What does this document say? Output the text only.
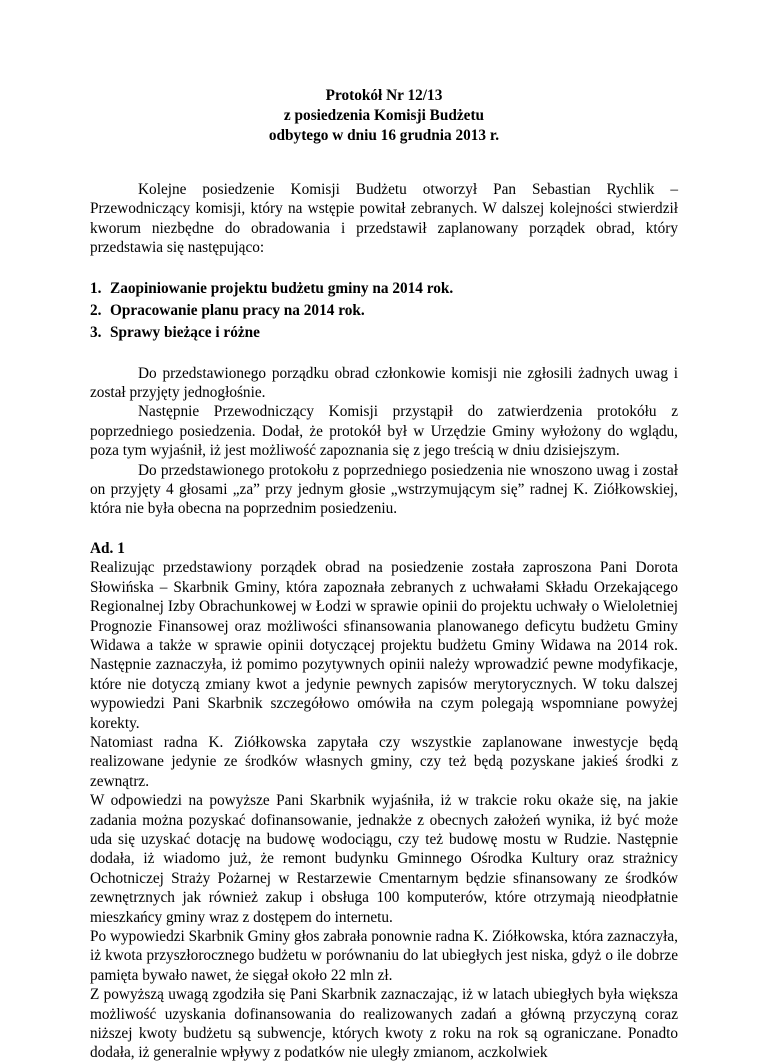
Protokół Nr 12/13
z posiedzenia Komisji Budżetu
odbytego w dniu 16 grudnia 2013 r.

Kolejne posiedzenie Komisji Budżetu otworzył Pan Sebastian Rychlik – Przewodniczący komisji, który na wstępie powitał zebranych. W dalszej kolejności stwierdził kworum niezbędne do obradowania i przedstawił zaplanowany porządek obrad, który przedstawia się następująco:

1. Zaopiniowanie projektu budżetu gminy na 2014 rok.
2. Opracowanie planu pracy na 2014 rok.
3. Sprawy bieżące i różne

Do przedstawionego porządku obrad członkowie komisji nie zgłosili żadnych uwag i został przyjęty jednogłośnie.

Następnie Przewodniczący Komisji przystąpił do zatwierdzenia protokółu z poprzedniego posiedzenia. Dodał, że protokół był w Urzędzie Gminy wyłożony do wglądu, poza tym wyjaśnił, iż jest możliwość zapoznania się z jego treścią w dniu dzisiejszym.

Do przedstawionego protokołu z poprzedniego posiedzenia nie wnoszono uwag i został on przyjęty 4 głosami „za” przy jednym głosie „wstrzymującym się” radnej K. Ziółkowskiej, która nie była obecna na poprzednim posiedzeniu.

Ad. 1

Realizując przedstawiony porządek obrad na posiedzenie została zaproszona Pani Dorota Słowińska – Skarbnik Gminy, która zapoznała zebranych z uchwałami Składu Orzekającego Regionalnej Izby Obrachunkowej w Łodzi w sprawie opinii do projektu uchwały o Wieloletniej Prognozie Finansowej oraz możliwości sfinansowania planowanego deficytu budżetu Gminy Widawa a także w sprawie opinii dotyczącej projektu budżetu Gminy Widawa na 2014 rok. Następnie zaznaczyła, iż pomimo pozytywnych opinii należy wprowadzić pewne modyfikacje, które nie dotyczą zmiany kwot a jedynie pewnych zapisów merytorycznych. W toku dalszej wypowiedzi Pani Skarbnik szczegółowo omówiła na czym polegają wspomniane powyżej korekty.

Natomiast radna K. Ziółkowska zapytała czy wszystkie zaplanowane inwestycje będą realizowane jedynie ze środków własnych gminy, czy też będą pozyskane jakieś środki z zewnątrz.

W odpowiedzi na powyższe Pani Skarbnik wyjaśniła, iż w trakcie roku okaże się, na jakie zadania można pozyskać dofinansowanie, jednakże z obecnych założeń wynika, iż być może uda się uzyskać dotację na budowę wodociągu, czy też budowę mostu w Rudzie. Następnie dodała, iż wiadomo już, że remont budynku Gminnego Ośrodka Kultury oraz strażnicy Ochotniczej Straży Pożarnej w Restarzewie Cmentarnym będzie sfinansowany ze środków zewnętrznych jak również zakup i obsługa 100 komputerów, które otrzymają nieodpłatnie mieszkańcy gminy wraz z dostępem do internetu.

Po wypowiedzi Skarbnik Gminy głos zabrała ponownie radna K. Ziółkowska, która zaznaczyła, iż kwota przyszłorocznego budżetu w porównaniu do lat ubiegłych jest niska, gdyż o ile dobrze pamięta bywało nawet, że sięgał około 22 mln zł.

Z powyższą uwagą zgodziła się Pani Skarbnik zaznaczając, iż w latach ubiegłych była większa możliwość uzyskania dofinansowania do realizowanych zadań a główną przyczyną coraz niższej kwoty budżetu są subwencje, których kwoty z roku na rok są ograniczane. Ponadto dodała, iż generalnie wpływy z podatków nie uległy zmianom, aczkolwiek
